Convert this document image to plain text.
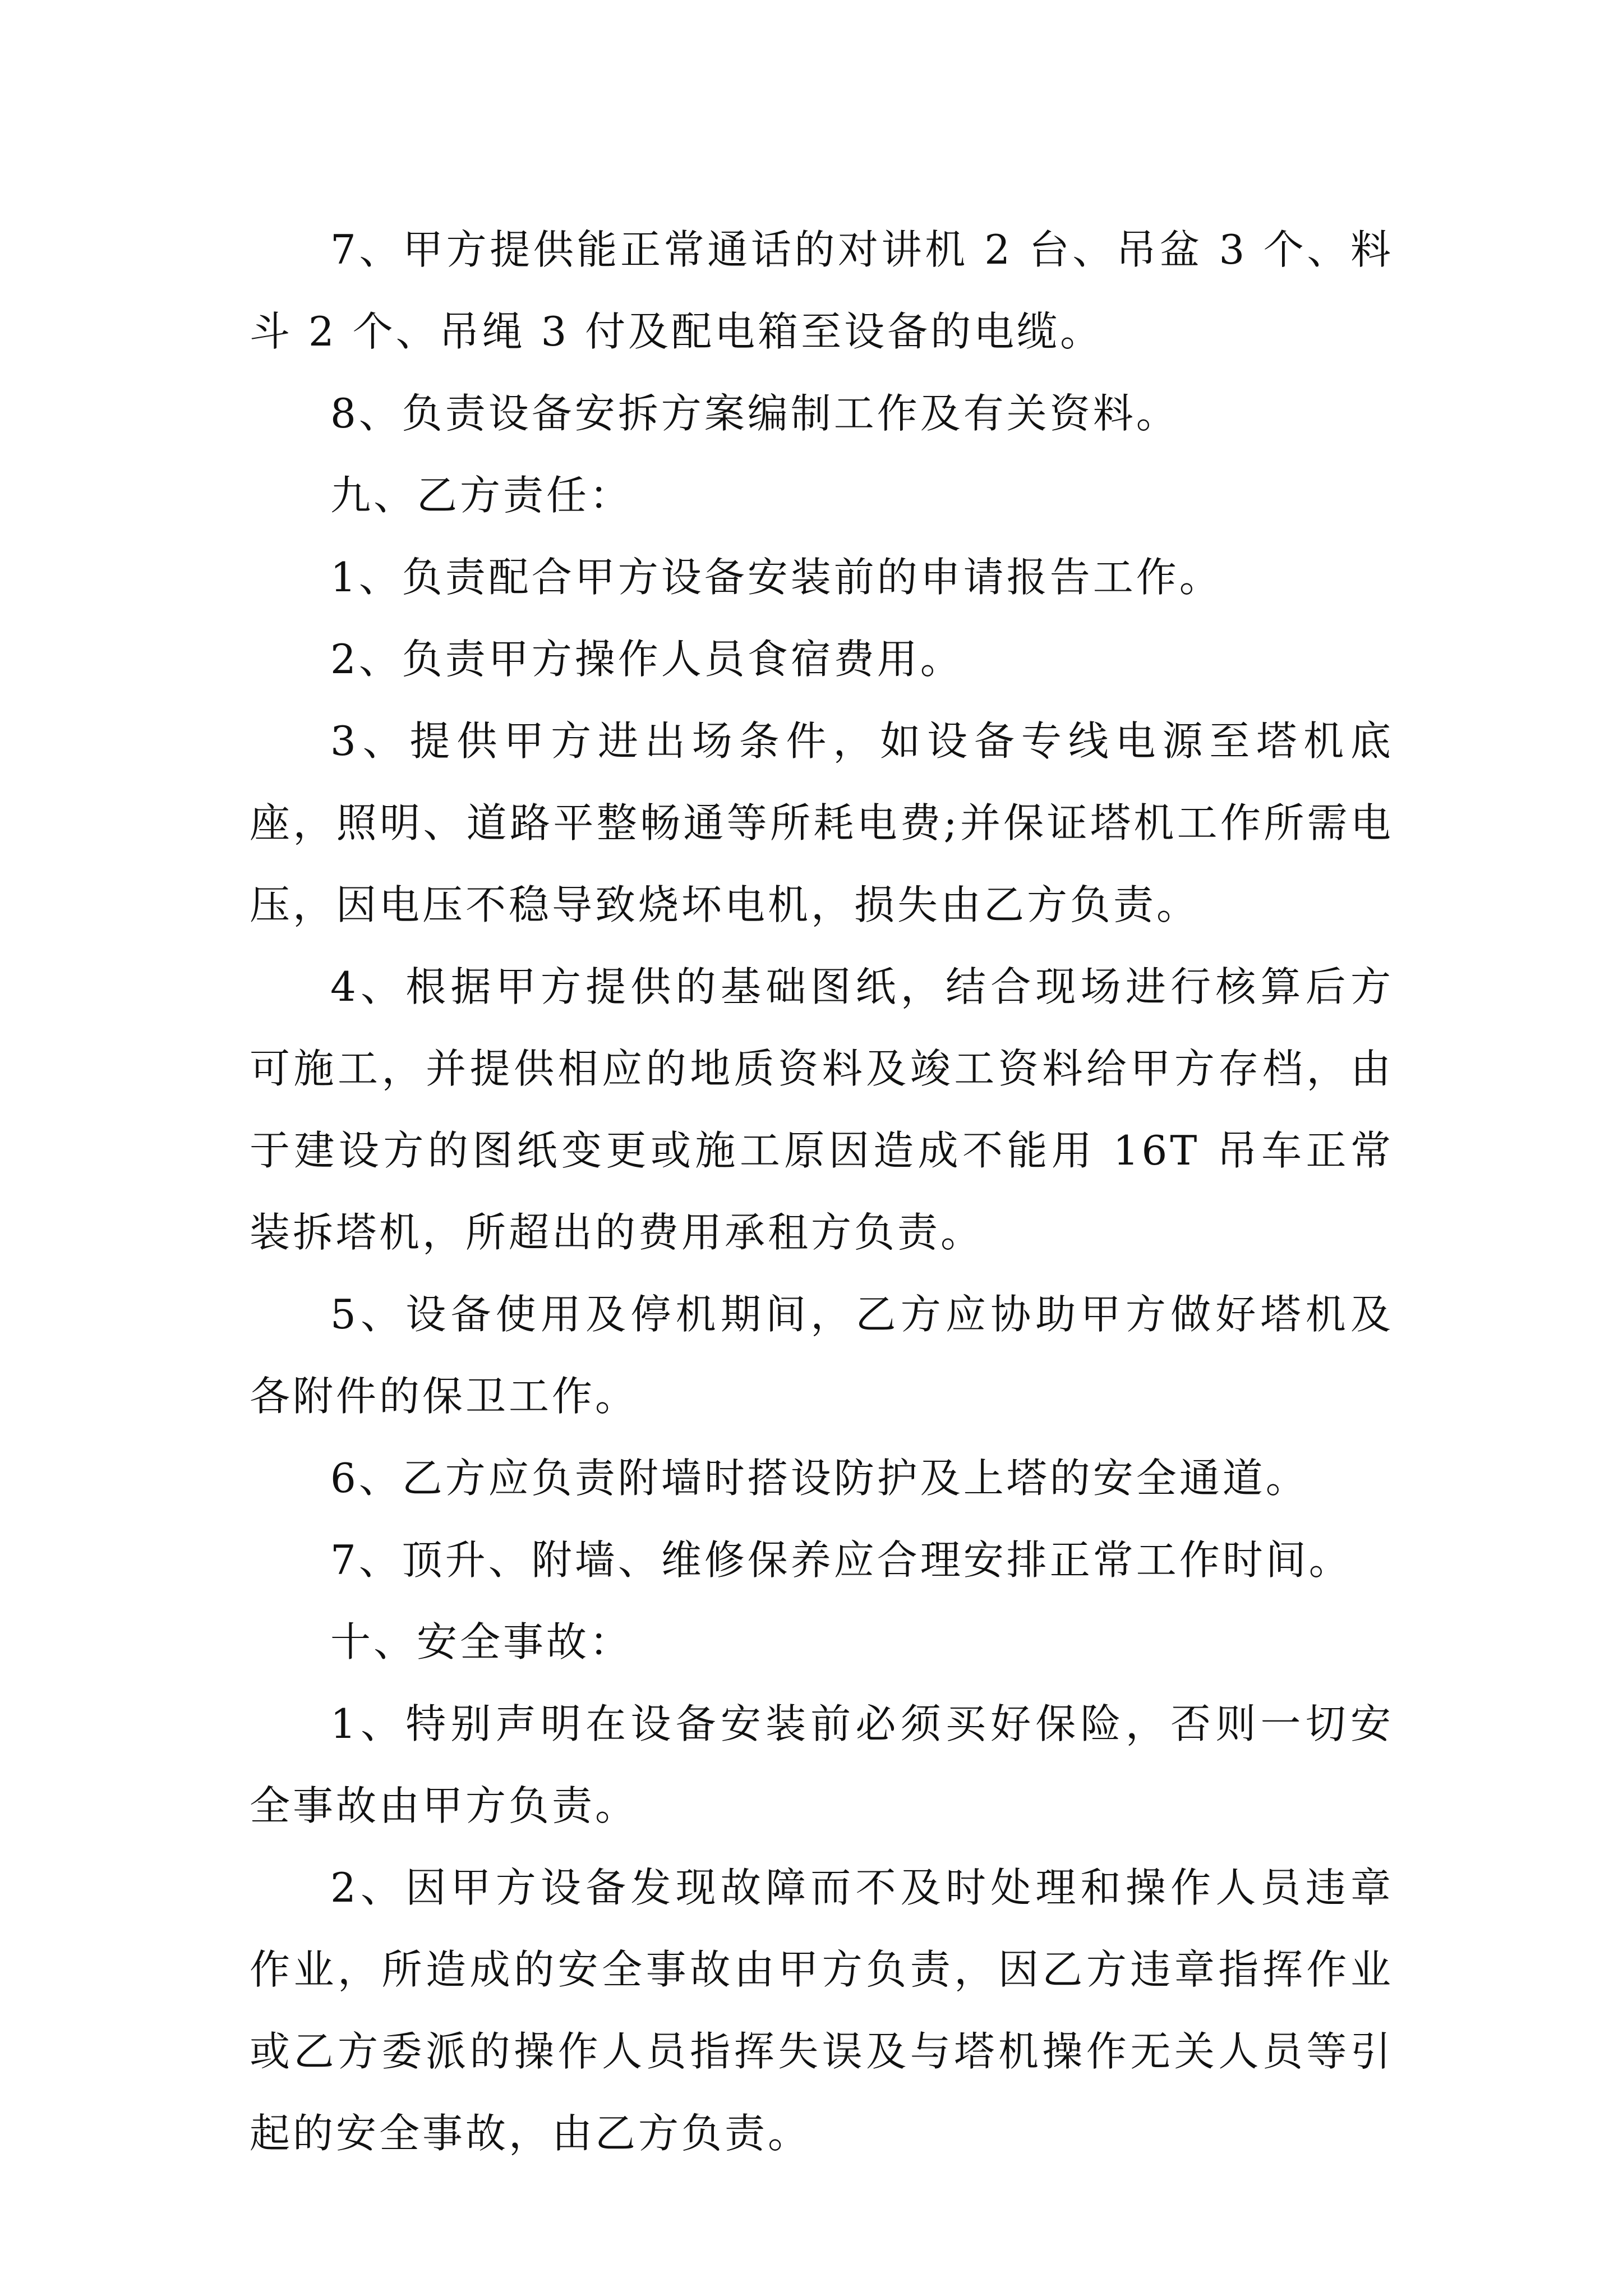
7、甲方提供能正常通话的对讲机 2 台、吊盆 3 个、料斗 2 个、吊绳 3 付及配电箱至设备的电缆。

8、负责设备安拆方案编制工作及有关资料。

九、乙方责任：

1、负责配合甲方设备安装前的申请报告工作。

2、负责甲方操作人员食宿费用。

3、提供甲方进出场条件，如设备专线电源至塔机底座，照明、道路平整畅通等所耗电费;并保证塔机工作所需电压，因电压不稳导致烧坏电机，损失由乙方负责。

4、根据甲方提供的基础图纸，结合现场进行核算后方可施工，并提供相应的地质资料及竣工资料给甲方存档，由于建设方的图纸变更或施工原因造成不能用 16T 吊车正常装拆塔机，所超出的费用承租方负责。

5、设备使用及停机期间，乙方应协助甲方做好塔机及各附件的保卫工作。

6、乙方应负责附墙时搭设防护及上塔的安全通道。

7、顶升、附墙、维修保养应合理安排正常工作时间。

十、安全事故：

1、特别声明在设备安装前必须买好保险，否则一切安全事故由甲方负责。

2、因甲方设备发现故障而不及时处理和操作人员违章作业，所造成的安全事故由甲方负责，因乙方违章指挥作业或乙方委派的操作人员指挥失误及与塔机操作无关人员等引起的安全事故，由乙方负责。
